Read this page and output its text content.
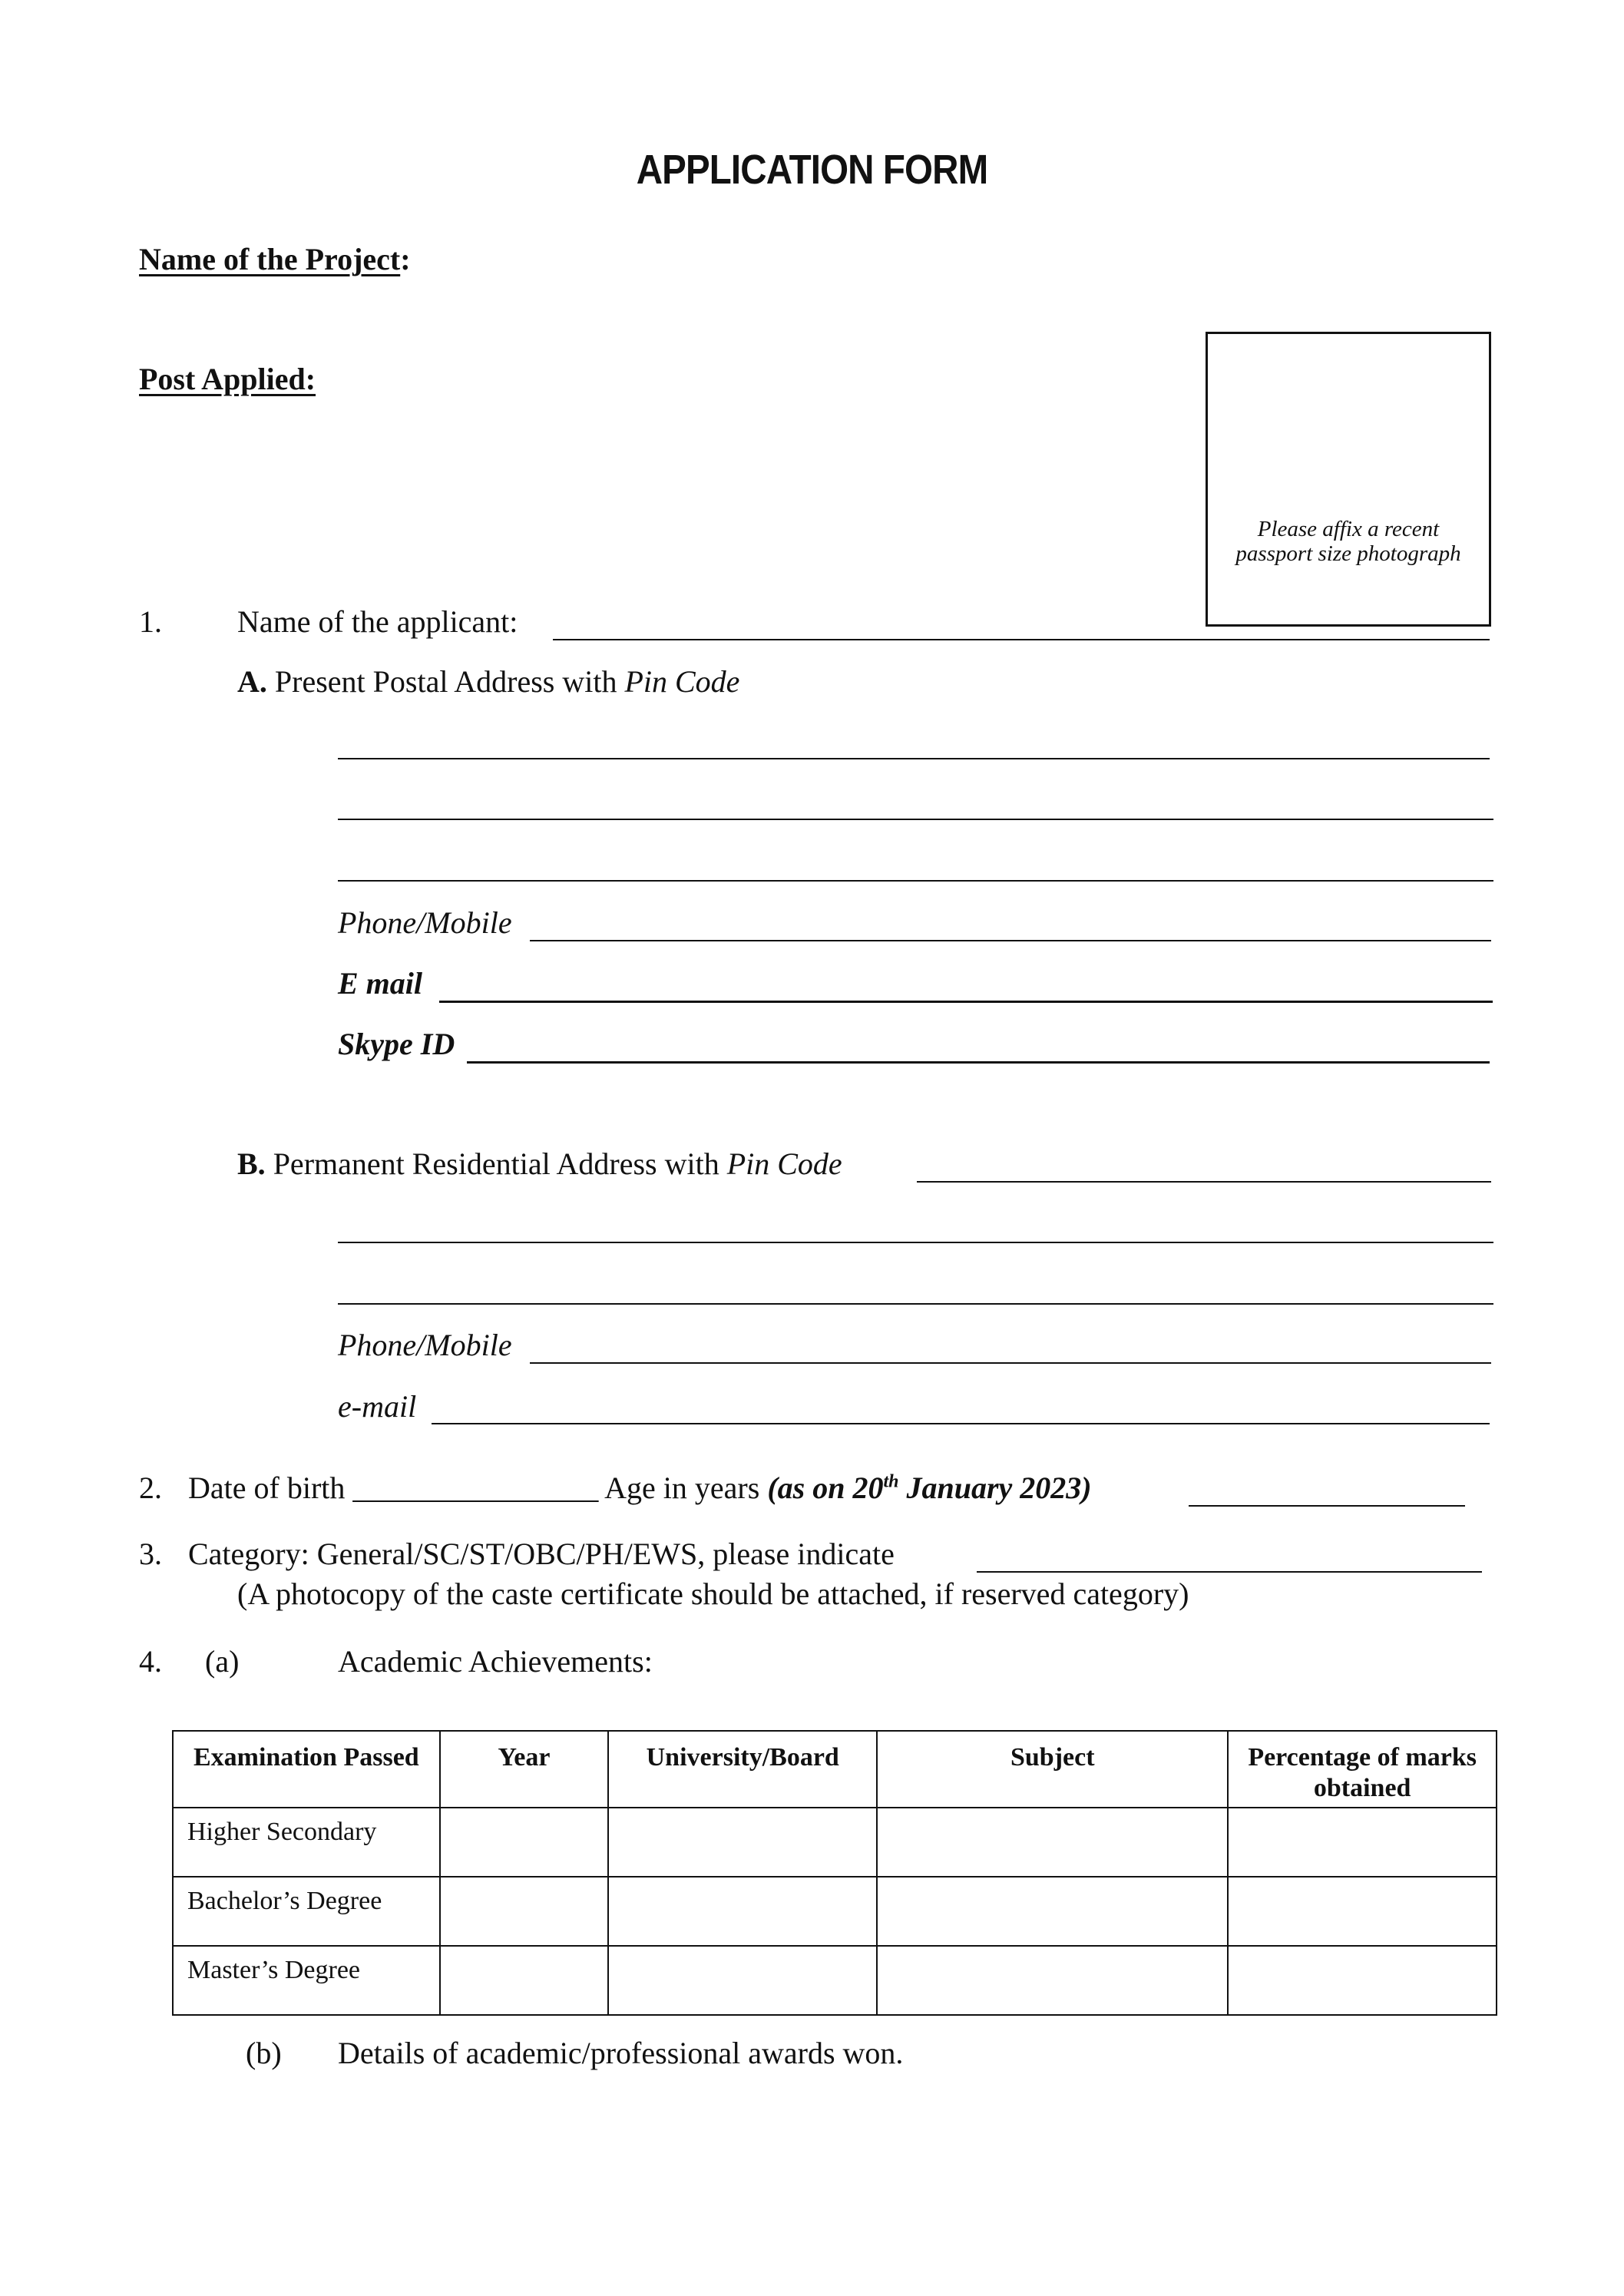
APPLICATION FORM
Name of the Project:
Post Applied:
Please affix a recent passport size photograph
1. Name of the applicant:
A. Present Postal Address with Pin Code
Phone/Mobile
E mail
Skype ID
B. Permanent Residential Address with Pin Code
Phone/Mobile
e-mail
2. Date of birth ________________ Age in years (as on 20th January 2023)
3. Category: General/SC/ST/OBC/PH/EWS, please indicate
(A photocopy of the caste certificate should be attached, if reserved category)
4. (a)	Academic Achievements:
Examination Passed	Year	University/Board	Subject	Percentage of marks obtained
Higher Secondary				
Bachelor’s Degree				
Master’s Degree				
(b) Details of academic/professional awards won.
